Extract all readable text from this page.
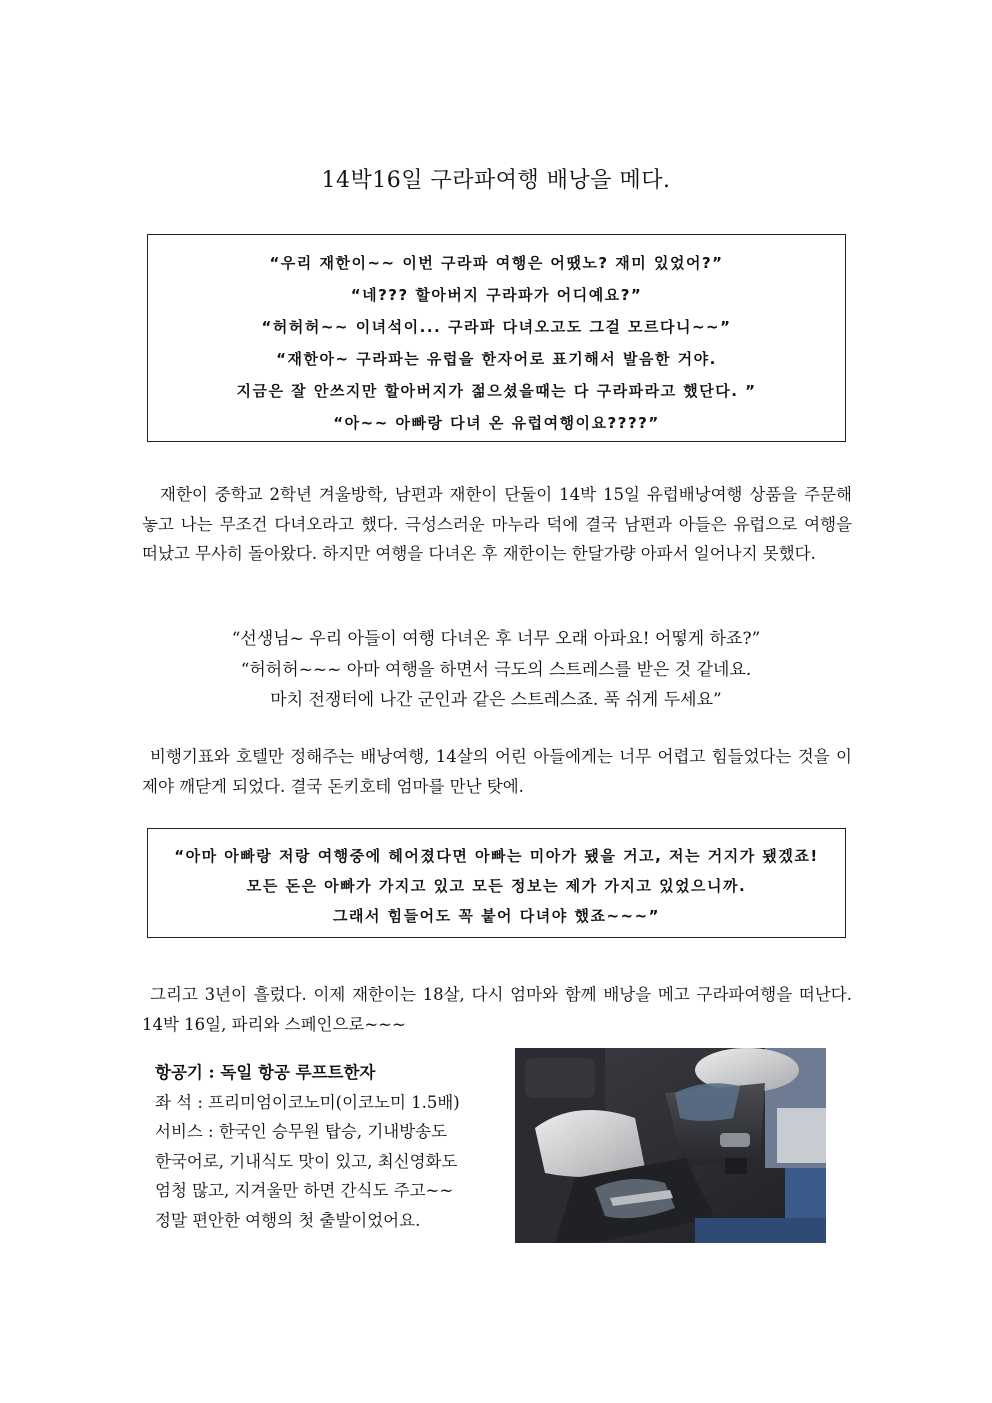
14박16일 구라파여행 배낭을 메다.
“우리 재한이~~ 이번 구라파 여행은 어땠노? 재미 있었어?”
“네??? 할아버지 구라파가 어디예요?”
“허허허~~ 이녀석이... 구라파 다녀오고도 그걸 모르다니~~”
“재한아~ 구라파는 유럽을 한자어로 표기해서 발음한 거야.
지금은 잘 안쓰지만 할아버지가 젊으셨을때는 다 구라파라고 했단다. ”
“아~~ 아빠랑 다녀 온 유럽여행이요????”
재한이 중학교 2학년 겨울방학, 남편과 재한이 단둘이 14박 15일 유럽배낭여행 상품을 주문해 놓고 나는 무조건 다녀오라고 했다. 극성스러운 마누라 덕에 결국 남편과 아들은 유럽으로 여행을 떠났고 무사히 돌아왔다. 하지만 여행을 다녀온 후 재한이는 한달가량 아파서 일어나지 못했다.
“선생님~ 우리 아들이 여행 다녀온 후 너무 오래 아파요! 어떻게 하죠?”
“허허허~~~ 아마 여행을 하면서 극도의 스트레스를 받은 것 같네요.
마치 전쟁터에 나간 군인과 같은 스트레스죠. 푹 쉬게 두세요”
비행기표와 호텔만 정해주는 배낭여행, 14살의 어린 아들에게는 너무 어렵고 힘들었다는 것을 이제야 깨닫게 되었다. 결국 돈키호테 엄마를 만난 탓에.
“아마 아빠랑 저랑 여행중에 헤어졌다면 아빠는 미아가 됐을 거고, 저는 거지가 됐겠죠!
모든 돈은 아빠가 가지고 있고 모든 정보는 제가 가지고 있었으니까.
그래서 힘들어도 꼭 붙어 다녀야 했죠~~~”
그리고 3년이 흘렀다. 이제 재한이는 18살, 다시 엄마와 함께 배낭을 메고 구라파여행을 떠난다. 14박 16일, 파리와 스페인으로~~~
항공기 : 독일 항공 루프트한자
좌 석 : 프리미엄이코노미(이코노미 1.5배)
서비스 : 한국인 승무원 탑승, 기내방송도
한국어로, 기내식도 맛이 있고, 최신영화도
엄청 많고, 지겨울만 하면 간식도 주고~~
정말 편안한 여행의 첫 출발이었어요.
